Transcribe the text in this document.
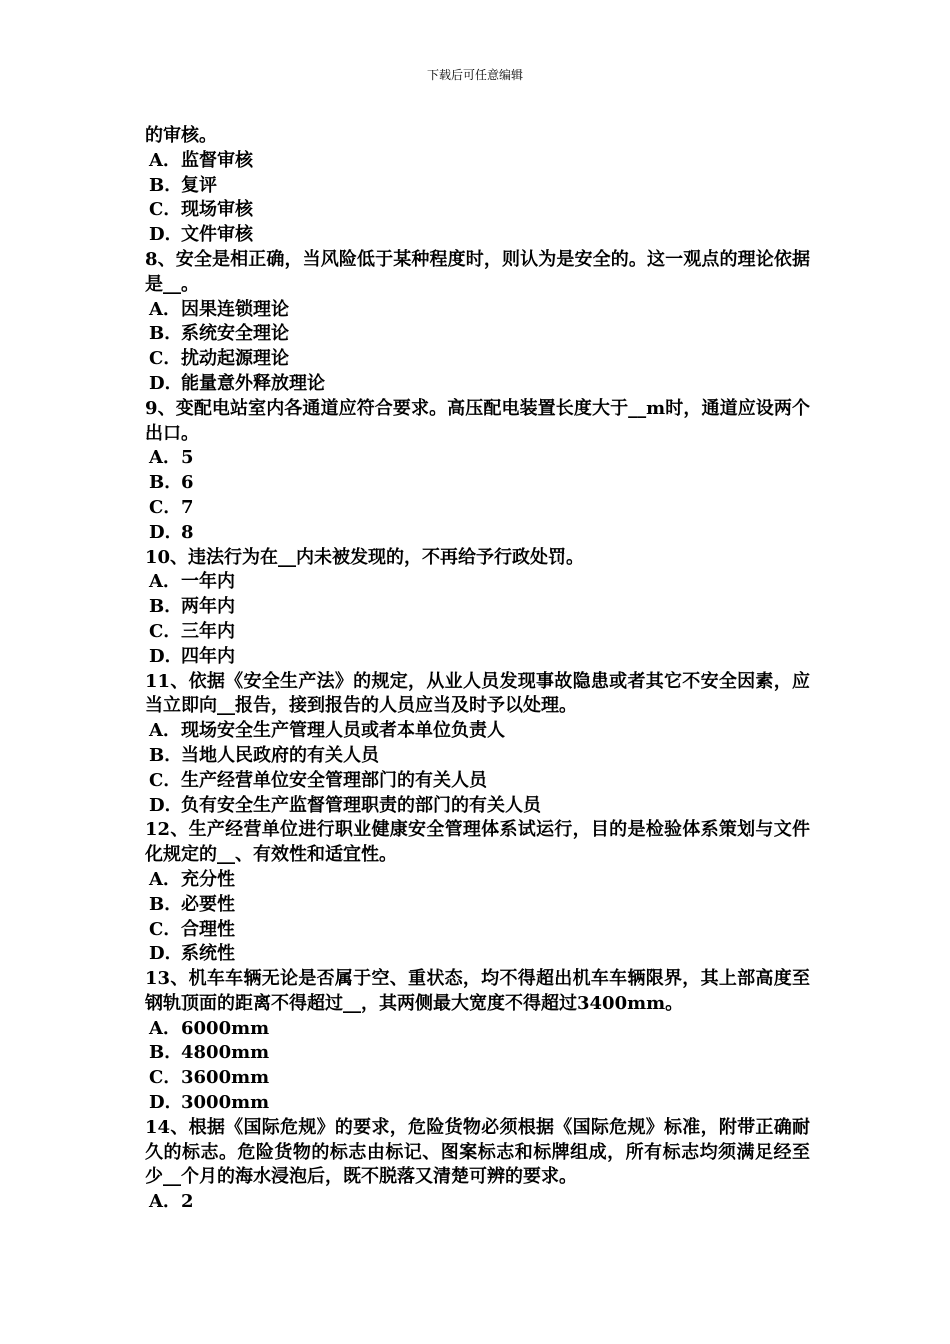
下载后可任意编辑
的审核。
A．监督审核
B．复评
C．现场审核
D．文件审核
8、安全是相正确，当风险低于某种程度时，则认为是安全的。这一观点的理论依据是__。
A．因果连锁理论
B．系统安全理论
C．扰动起源理论
D．能量意外释放理论
9、变配电站室内各通道应符合要求。高压配电装置长度大于__m时，通道应设两个出口。
A．5
B．6
C．7
D．8
10、违法行为在__内未被发现的，不再给予行政处罚。
A．一年内
B．两年内
C．三年内
D．四年内
11、依据《安全生产法》的规定，从业人员发现事故隐患或者其它不安全因素，应当立即向__报告，接到报告的人员应当及时予以处理。
A．现场安全生产管理人员或者本单位负责人
B．当地人民政府的有关人员
C．生产经营单位安全管理部门的有关人员
D．负有安全生产监督管理职责的部门的有关人员
12、生产经营单位进行职业健康安全管理体系试运行，目的是检验体系策划与文件化规定的__、有效性和适宜性。
A．充分性
B．必要性
C．合理性
D．系统性
13、机车车辆无论是否属于空、重状态，均不得超出机车车辆限界，其上部高度至钢轨顶面的距离不得超过__，其两侧最大宽度不得超过3400mm。
A．6000mm
B．4800mm
C．3600mm
D．3000mm
14、根据《国际危规》的要求，危险货物必须根据《国际危规》标准，附带正确耐久的标志。危险货物的标志由标记、图案标志和标牌组成，所有标志均须满足经至少__个月的海水浸泡后，既不脱落又清楚可辨的要求。
A．2
